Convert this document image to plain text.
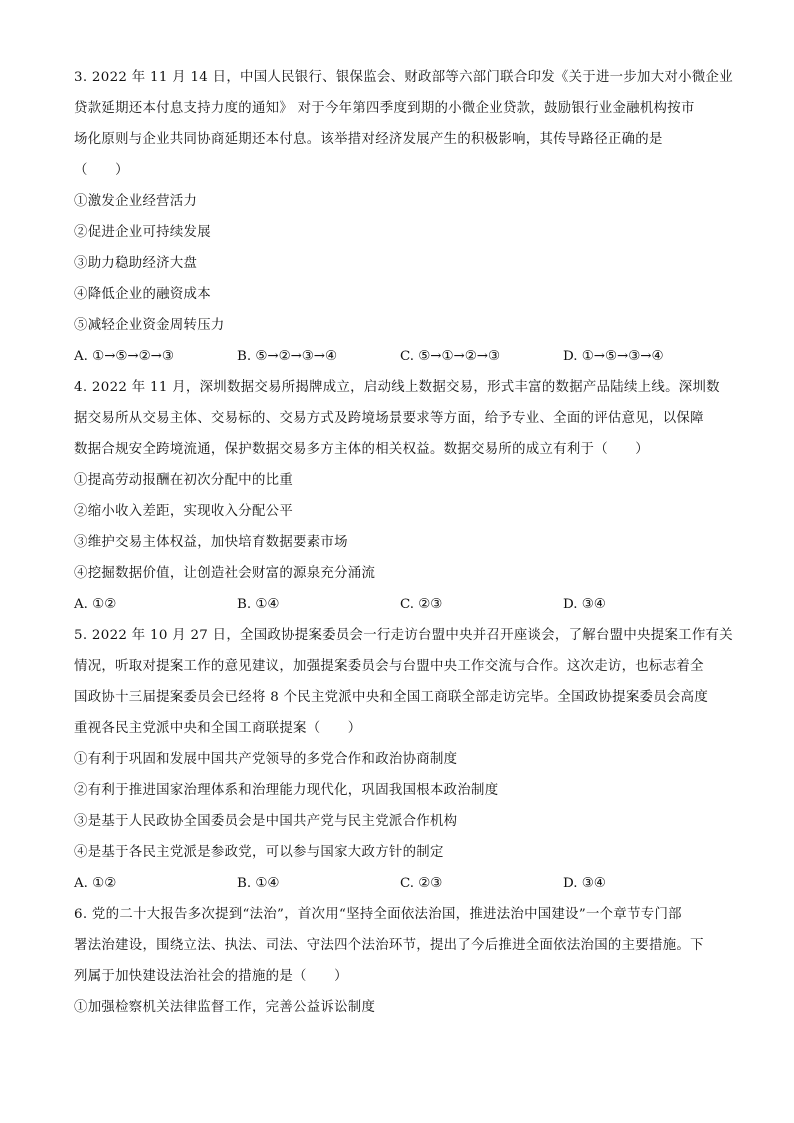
3. 2022 年 11 月 14 日，中国人民银行、银保监会、财政部等六部门联合印发《关于进一步加大对小微企业

贷款延期还本付息支持力度的通知》 对于今年第四季度到期的小微企业贷款，鼓励银行业金融机构按市

场化原则与企业共同协商延期还本付息。该举措对经济发展产生的积极影响，其传导路径正确的是

（　　）

①激发企业经营活力

②促进企业可持续发展

③助力稳助经济大盘

④降低企业的融资成本

⑤减轻企业资金周转压力

A. ①→⑤→②→③	B. ⑤→②→③→④	C. ⑤→①→②→③	D. ①→⑤→③→④

4. 2022 年 11 月，深圳数据交易所揭牌成立，启动线上数据交易，形式丰富的数据产品陆续上线。深圳数

据交易所从交易主体、交易标的、交易方式及跨境场景要求等方面，给予专业、全面的评估意见，以保障

数据合规安全跨境流通，保护数据交易多方主体的相关权益。数据交易所的成立有利于（　　）

①提高劳动报酬在初次分配中的比重

②缩小收入差距，实现收入分配公平

③维护交易主体权益，加快培育数据要素市场

④挖掘数据价值，让创造社会财富的源泉充分涌流

A. ①②	B. ①④	C. ②③	D. ③④

5. 2022 年 10 月 27 日，全国政协提案委员会一行走访台盟中央并召开座谈会，了解台盟中央提案工作有关

情况，听取对提案工作的意见建议，加强提案委员会与台盟中央工作交流与合作。这次走访，也标志着全

国政协十三届提案委员会已经将 8 个民主党派中央和全国工商联全部走访完毕。全国政协提案委员会高度

重视各民主党派中央和全国工商联提案（　　）

①有利于巩固和发展中国共产党领导的多党合作和政治协商制度

②有利于推进国家治理体系和治理能力现代化，巩固我国根本政治制度

③是基于人民政协全国委员会是中国共产党与民主党派合作机构

④是基于各民主党派是参政党，可以参与国家大政方针的制定

A. ①②	B. ①④	C. ②③	D. ③④

6. 党的二十大报告多次提到“法治”，首次用“坚持全面依法治国，推进法治中国建设”一个章节专门部

署法治建设，围绕立法、执法、司法、守法四个法治环节，提出了今后推进全面依法治国的主要措施。下

列属于加快建设法治社会的措施的是（　　）

①加强检察机关法律监督工作，完善公益诉讼制度
